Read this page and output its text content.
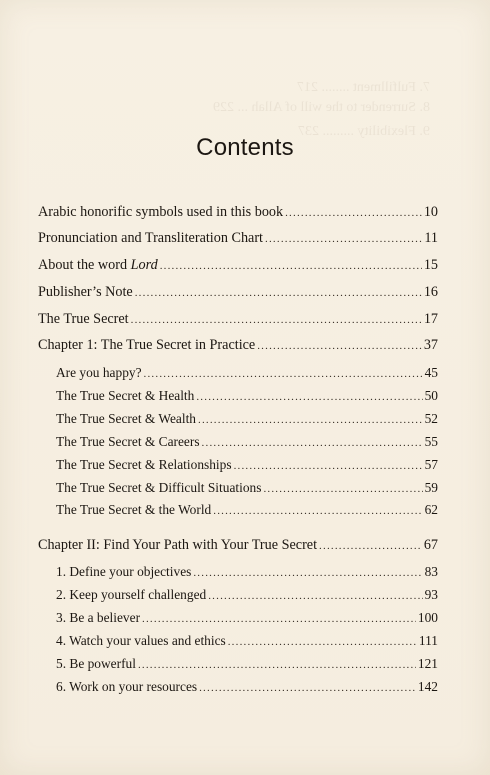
7. Fulfillment ........ 217
8. Surrender to the will of Allah ... 229
9. Flexibility ......... 237
Contents
Arabic honorific symbols used in this book .....	10
Pronunciation and Transliteration Chart .....	11
About the word Lord .....	15
Publisher’s Note .....	16
The True Secret .....	17
Chapter 1: The True Secret in Practice .....	37
Are you happy? .....	45
The True Secret & Health .....	50
The True Secret & Wealth .....	52
The True Secret & Careers .....	55
The True Secret & Relationships .....	57
The True Secret & Difficult Situations .....	59
The True Secret & the World .....	62
Chapter II: Find Your Path with Your True Secret .....	67
1. Define your objectives .....	83
2. Keep yourself challenged .....	93
3. Be a believer .....	100
4. Watch your values and ethics .....	111
5. Be powerful .....	121
6. Work on your resources .....	142
